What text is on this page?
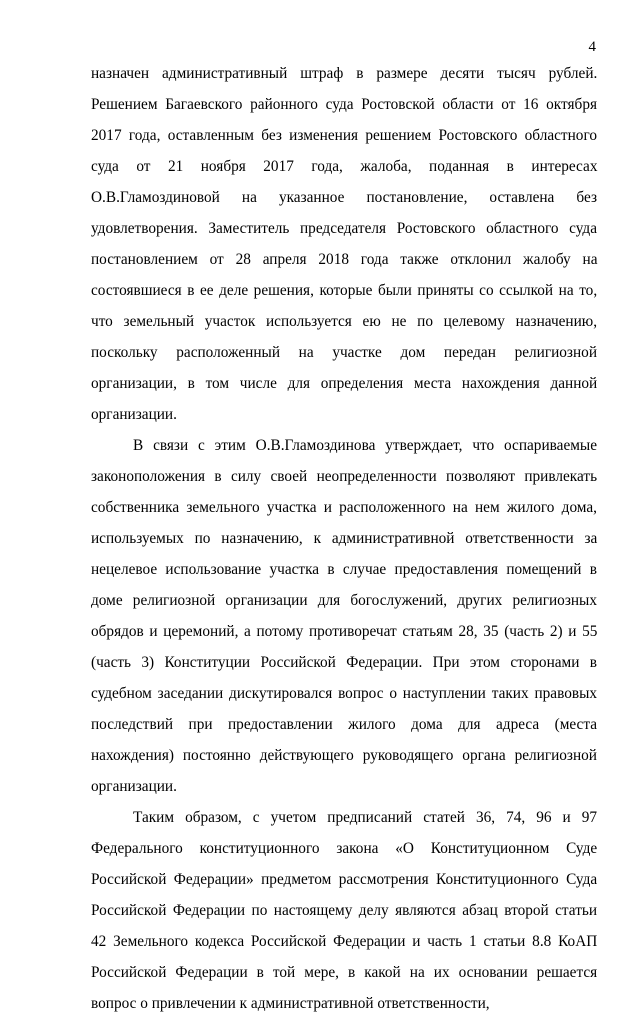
4
назначен административный штраф в размере десяти тысяч рублей.
Решением Багаевского районного суда Ростовской области от 16 октября
2017 года, оставленным без изменения решением Ростовского областного
суда от 21 ноября 2017 года, жалоба, поданная в интересах
О.В.Гламоздиновой на указанное постановление, оставлена без
удовлетворения. Заместитель председателя Ростовского областного суда
постановлением от 28 апреля 2018 года также отклонил жалобу на
состоявшиеся в ее деле решения, которые были приняты со ссылкой на то,
что земельный участок используется ею не по целевому назначению,
поскольку расположенный на участке дом передан религиозной
организации, в том числе для определения места нахождения данной
организации.
В связи с этим О.В.Гламоздинова утверждает, что оспариваемые
законоположения в силу своей неопределенности позволяют привлекать
собственника земельного участка и расположенного на нем жилого дома,
используемых по назначению, к административной ответственности за
нецелевое использование участка в случае предоставления помещений в
доме религиозной организации для богослужений, других религиозных
обрядов и церемоний, а потому противоречат статьям 28, 35 (часть 2) и 55
(часть 3) Конституции Российской Федерации. При этом сторонами в
судебном заседании дискутировался вопрос о наступлении таких правовых
последствий при предоставлении жилого дома для адреса (места
нахождения) постоянно действующего руководящего органа религиозной
организации.
Таким образом, с учетом предписаний статей 36, 74, 96 и 97
Федерального конституционного закона «О Конституционном Суде
Российской Федерации» предметом рассмотрения Конституционного Суда
Российской Федерации по настоящему делу являются абзац второй статьи
42 Земельного кодекса Российской Федерации и часть 1 статьи 8.8 КоАП
Российской Федерации в той мере, в какой на их основании решается
вопрос о привлечении к административной ответственности,
